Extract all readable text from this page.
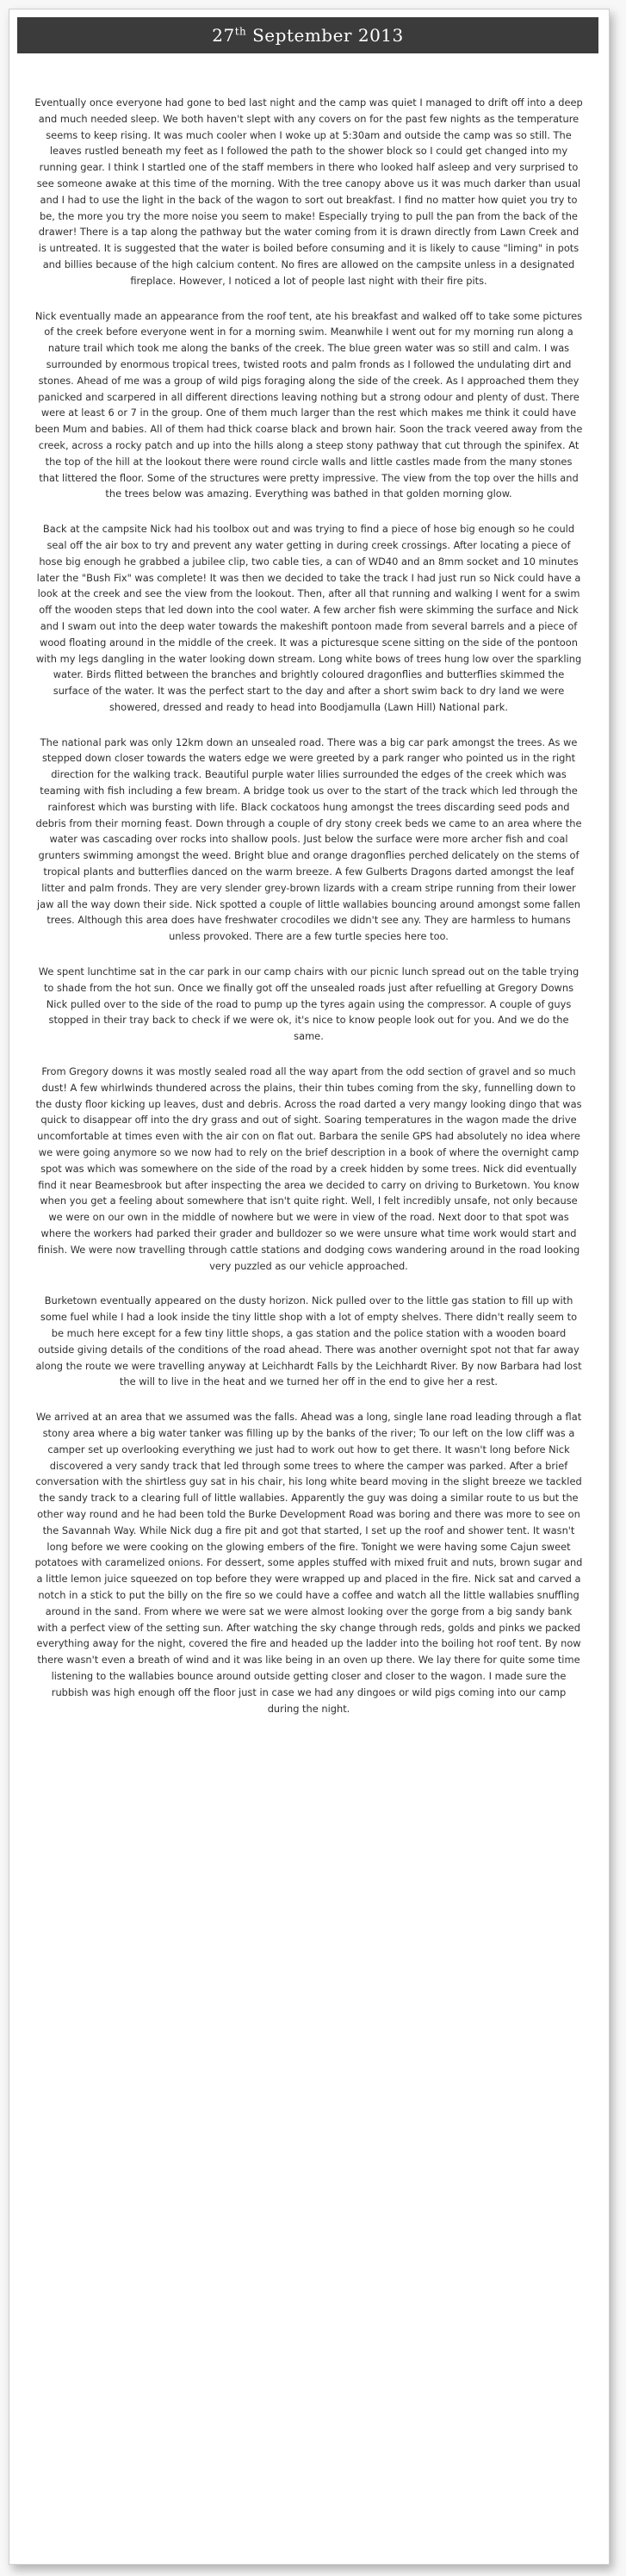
27th September 2013

Eventually once everyone had gone to bed last night and the camp was quiet I managed to drift off into a deep and much needed sleep. We both haven't slept with any covers on for the past few nights as the temperature seems to keep rising. It was much cooler when I woke up at 5:30am and outside the camp was so still. The leaves rustled beneath my feet as I followed the path to the shower block so I could get changed into my running gear. I think I startled one of the staff members in there who looked half asleep and very surprised to see someone awake at this time of the morning. With the tree canopy above us it was much darker than usual and I had to use the light in the back of the wagon to sort out breakfast. I find no matter how quiet you try to be, the more you try the more noise you seem to make! Especially trying to pull the pan from the back of the drawer! There is a tap along the pathway but the water coming from it is drawn directly from Lawn Creek and is untreated. It is suggested that the water is boiled before consuming and it is likely to cause "liming" in pots and billies because of the high calcium content. No fires are allowed on the campsite unless in a designated fireplace. However, I noticed a lot of people last night with their fire pits.

Nick eventually made an appearance from the roof tent, ate his breakfast and walked off to take some pictures of the creek before everyone went in for a morning swim. Meanwhile I went out for my morning run along a nature trail which took me along the banks of the creek. The blue green water was so still and calm. I was surrounded by enormous tropical trees, twisted roots and palm fronds as I followed the undulating dirt and stones. Ahead of me was a group of wild pigs foraging along the side of the creek. As I approached them they panicked and scarpered in all different directions leaving nothing but a strong odour and plenty of dust. There were at least 6 or 7 in the group. One of them much larger than the rest which makes me think it could have been Mum and babies. All of them had thick coarse black and brown hair. Soon the track veered away from the creek, across a rocky patch and up into the hills along a steep stony pathway that cut through the spinifex. At the top of the hill at the lookout there were round circle walls and little castles made from the many stones that littered the floor. Some of the structures were pretty impressive. The view from the top over the hills and the trees below was amazing. Everything was bathed in that golden morning glow.

Back at the campsite Nick had his toolbox out and was trying to find a piece of hose big enough so he could seal off the air box to try and prevent any water getting in during creek crossings. After locating a piece of hose big enough he grabbed a jubilee clip, two cable ties, a can of WD40 and an 8mm socket and 10 minutes later the "Bush Fix" was complete! It was then we decided to take the track I had just run so Nick could have a look at the creek and see the view from the lookout. Then, after all that running and walking I went for a swim off the wooden steps that led down into the cool water. A few archer fish were skimming the surface and Nick and I swam out into the deep water towards the makeshift pontoon made from several barrels and a piece of wood floating around in the middle of the creek. It was a picturesque scene sitting on the side of the pontoon with my legs dangling in the water looking down stream. Long white bows of trees hung low over the sparkling water. Birds flitted between the branches and brightly coloured dragonflies and butterflies skimmed the surface of the water. It was the perfect start to the day and after a short swim back to dry land we were showered, dressed and ready to head into Boodjamulla (Lawn Hill) National park.

The national park was only 12km down an unsealed road. There was a big car park amongst the trees. As we stepped down closer towards the waters edge we were greeted by a park ranger who pointed us in the right direction for the walking track. Beautiful purple water lilies surrounded the edges of the creek which was teaming with fish including a few bream. A bridge took us over to the start of the track which led through the rainforest which was bursting with life. Black cockatoos hung amongst the trees discarding seed pods and debris from their morning feast. Down through a couple of dry stony creek beds we came to an area where the water was cascading over rocks into shallow pools. Just below the surface were more archer fish and coal grunters swimming amongst the weed. Bright blue and orange dragonflies perched delicately on the stems of tropical plants and butterflies danced on the warm breeze. A few Gulberts Dragons darted amongst the leaf litter and palm fronds. They are very slender grey-brown lizards with a cream stripe running from their lower jaw all the way down their side. Nick spotted a couple of little wallabies bouncing around amongst some fallen trees. Although this area does have freshwater crocodiles we didn't see any. They are harmless to humans unless provoked. There are a few turtle species here too.

We spent lunchtime sat in the car park in our camp chairs with our picnic lunch spread out on the table trying to shade from the hot sun. Once we finally got off the unsealed roads just after refuelling at Gregory Downs Nick pulled over to the side of the road to pump up the tyres again using the compressor. A couple of guys stopped in their tray back to check if we were ok, it's nice to know people look out for you. And we do the same.

From Gregory downs it was mostly sealed road all the way apart from the odd section of gravel and so much dust! A few whirlwinds thundered across the plains, their thin tubes coming from the sky, funnelling down to the dusty floor kicking up leaves, dust and debris. Across the road darted a very mangy looking dingo that was quick to disappear off into the dry grass and out of sight. Soaring temperatures in the wagon made the drive uncomfortable at times even with the air con on flat out. Barbara the senile GPS had absolutely no idea where we were going anymore so we now had to rely on the brief description in a book of where the overnight camp spot was which was somewhere on the side of the road by a creek hidden by some trees. Nick did eventually find it near Beamesbrook but after inspecting the area we decided to carry on driving to Burketown. You know when you get a feeling about somewhere that isn't quite right. Well, I felt incredibly unsafe, not only because we were on our own in the middle of nowhere but we were in view of the road. Next door to that spot was where the workers had parked their grader and bulldozer so we were unsure what time work would start and finish. We were now travelling through cattle stations and dodging cows wandering around in the road looking very puzzled as our vehicle approached.

Burketown eventually appeared on the dusty horizon. Nick pulled over to the little gas station to fill up with some fuel while I had a look inside the tiny little shop with a lot of empty shelves. There didn't really seem to be much here except for a few tiny little shops, a gas station and the police station with a wooden board outside giving details of the conditions of the road ahead. There was another overnight spot not that far away along the route we were travelling anyway at Leichhardt Falls by the Leichhardt River. By now Barbara had lost the will to live in the heat and we turned her off in the end to give her a rest.

We arrived at an area that we assumed was the falls. Ahead was a long, single lane road leading through a flat stony area where a big water tanker was filling up by the banks of the river; To our left on the low cliff was a camper set up overlooking everything we just had to work out how to get there. It wasn't long before Nick discovered a very sandy track that led through some trees to where the camper was parked. After a brief conversation with the shirtless guy sat in his chair, his long white beard moving in the slight breeze we tackled the sandy track to a clearing full of little wallabies. Apparently the guy was doing a similar route to us but the other way round and he had been told the Burke Development Road was boring and there was more to see on the Savannah Way. While Nick dug a fire pit and got that started, I set up the roof and shower tent. It wasn't long before we were cooking on the glowing embers of the fire. Tonight we were having some Cajun sweet potatoes with caramelized onions. For dessert, some apples stuffed with mixed fruit and nuts, brown sugar and a little lemon juice squeezed on top before they were wrapped up and placed in the fire. Nick sat and carved a notch in a stick to put the billy on the fire so we could have a coffee and watch all the little wallabies snuffling around in the sand. From where we were sat we were almost looking over the gorge from a big sandy bank with a perfect view of the setting sun. After watching the sky change through reds, golds and pinks we packed everything away for the night, covered the fire and headed up the ladder into the boiling hot roof tent. By now there wasn't even a breath of wind and it was like being in an oven up there. We lay there for quite some time listening to the wallabies bounce around outside getting closer and closer to the wagon. I made sure the rubbish was high enough off the floor just in case we had any dingoes or wild pigs coming into our camp during the night.
